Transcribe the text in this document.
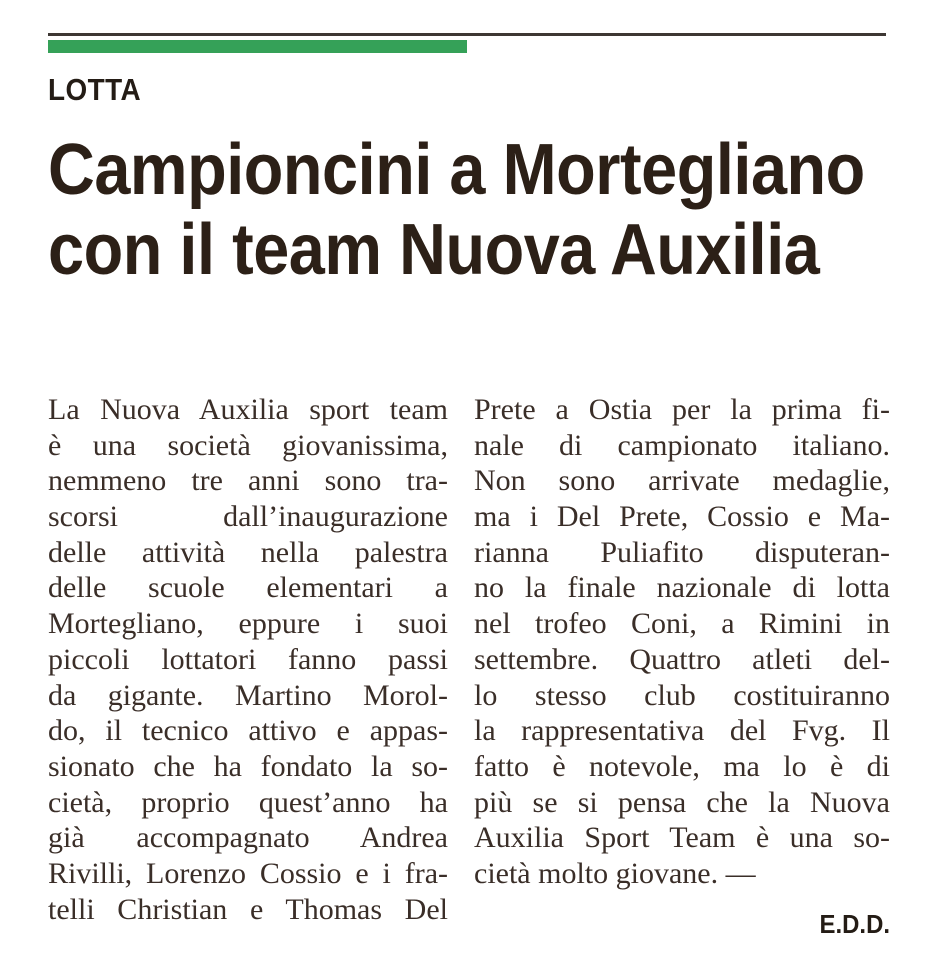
LOTTA
Campioncini a Mortegliano
con il team Nuova Auxilia
La Nuova Auxilia sport team
è una società giovanissima,
nemmeno tre anni sono tra-
scorsi dall’inaugurazione
delle attività nella palestra
delle scuole elementari a
Mortegliano, eppure i suoi
piccoli lottatori fanno passi
da gigante. Martino Morol-
do, il tecnico attivo e appas-
sionato che ha fondato la so-
cietà, proprio quest’anno ha
già accompagnato Andrea
Rivilli, Lorenzo Cossio e i fra-
telli Christian e Thomas Del
Prete a Ostia per la prima fi-
nale di campionato italiano.
Non sono arrivate medaglie,
ma i Del Prete, Cossio e Ma-
rianna Puliafito disputeran-
no la finale nazionale di lotta
nel trofeo Coni, a Rimini in
settembre. Quattro atleti del-
lo stesso club costituiranno
la rappresentativa del Fvg. Il
fatto è notevole, ma lo è di
più se si pensa che la Nuova
Auxilia Sport Team è una so-
cietà molto giovane. —
E.D.D.
